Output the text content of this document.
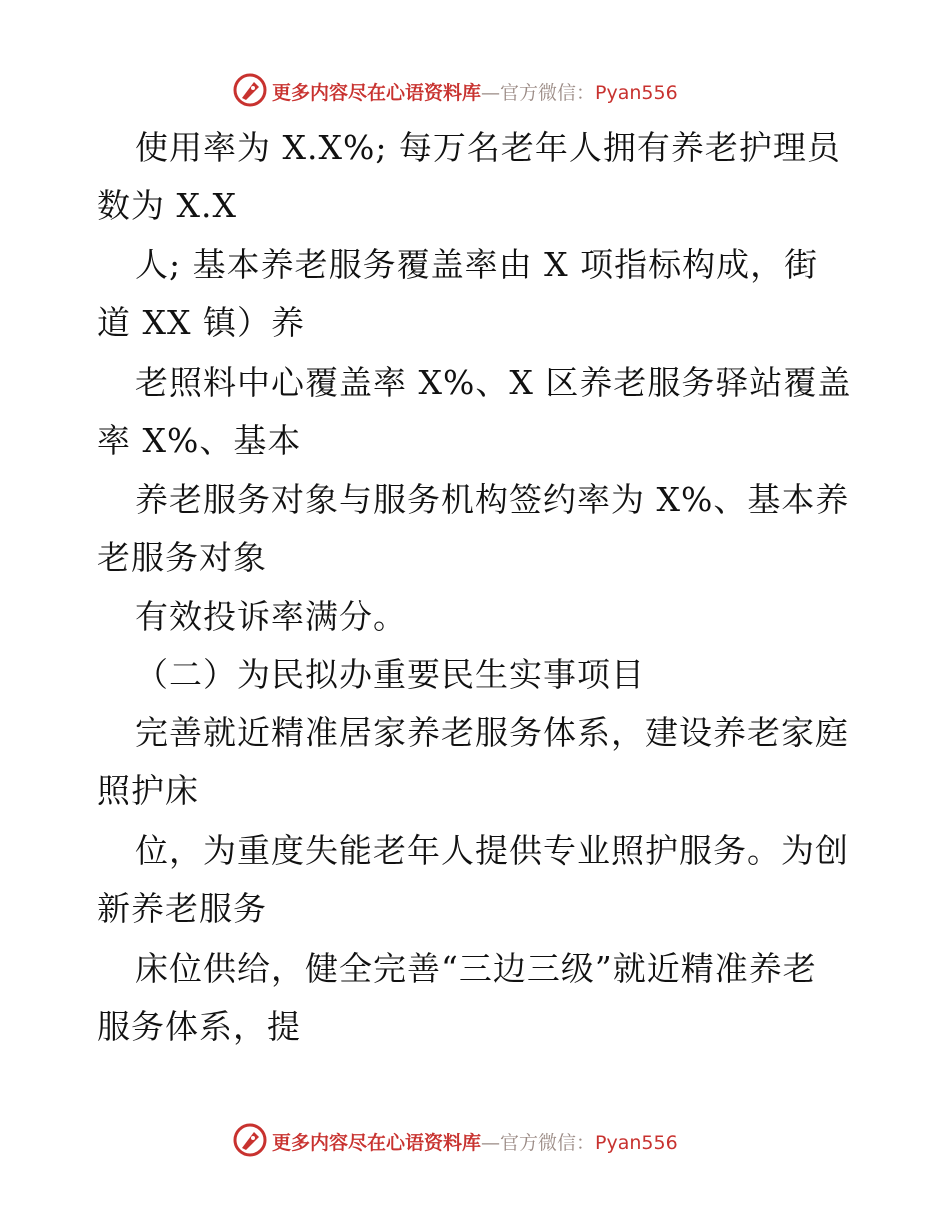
更多内容尽在心语资料库—官方微信：Pyan556
使用率为 X.X%; 每万名老年人拥有养老护理员
数为 X.X
人; 基本养老服务覆盖率由 X 项指标构成，街
道 XX 镇）养
老照料中心覆盖率 X%、X 区养老服务驿站覆盖
率 X%、基本
养老服务对象与服务机构签约率为 X%、基本养
老服务对象
有效投诉率满分。
（二）为民拟办重要民生实事项目
完善就近精准居家养老服务体系，建设养老家庭
照护床
位，为重度失能老年人提供专业照护服务。为创
新养老服务
床位供给，健全完善“三边三级”就近精准养老
服务体系，提
更多内容尽在心语资料库—官方微信：Pyan556
